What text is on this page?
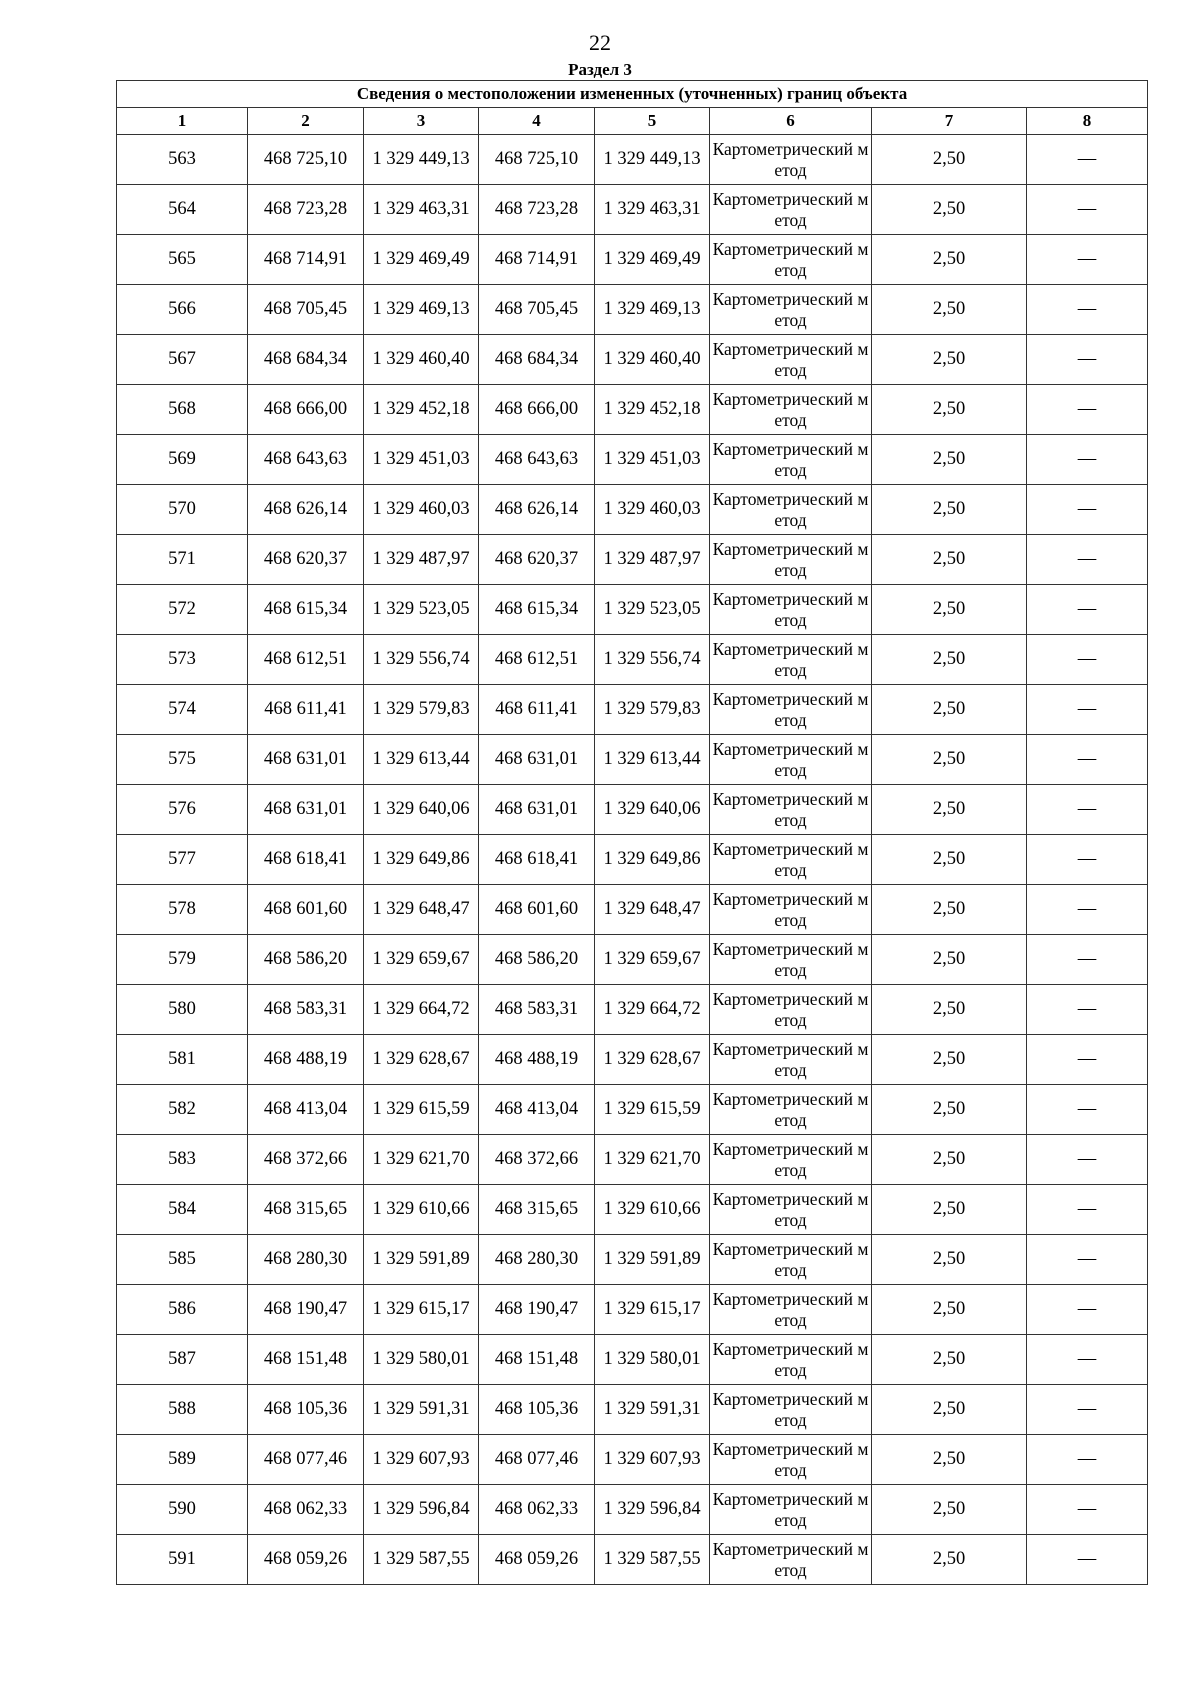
22
Раздел 3
Сведения о местоположении измененных (уточненных) границ объекта							
1	2	3	4	5	6	7	8
563	468 725,10	1 329 449,13	468 725,10	1 329 449,13	Картометрический метод	2,50	—
564	468 723,28	1 329 463,31	468 723,28	1 329 463,31	Картометрический метод	2,50	—
565	468 714,91	1 329 469,49	468 714,91	1 329 469,49	Картометрический метод	2,50	—
566	468 705,45	1 329 469,13	468 705,45	1 329 469,13	Картометрический метод	2,50	—
567	468 684,34	1 329 460,40	468 684,34	1 329 460,40	Картометрический метод	2,50	—
568	468 666,00	1 329 452,18	468 666,00	1 329 452,18	Картометрический метод	2,50	—
569	468 643,63	1 329 451,03	468 643,63	1 329 451,03	Картометрический метод	2,50	—
570	468 626,14	1 329 460,03	468 626,14	1 329 460,03	Картометрический метод	2,50	—
571	468 620,37	1 329 487,97	468 620,37	1 329 487,97	Картометрический метод	2,50	—
572	468 615,34	1 329 523,05	468 615,34	1 329 523,05	Картометрический метод	2,50	—
573	468 612,51	1 329 556,74	468 612,51	1 329 556,74	Картометрический метод	2,50	—
574	468 611,41	1 329 579,83	468 611,41	1 329 579,83	Картометрический метод	2,50	—
575	468 631,01	1 329 613,44	468 631,01	1 329 613,44	Картометрический метод	2,50	—
576	468 631,01	1 329 640,06	468 631,01	1 329 640,06	Картометрический метод	2,50	—
577	468 618,41	1 329 649,86	468 618,41	1 329 649,86	Картометрический метод	2,50	—
578	468 601,60	1 329 648,47	468 601,60	1 329 648,47	Картометрический метод	2,50	—
579	468 586,20	1 329 659,67	468 586,20	1 329 659,67	Картометрический метод	2,50	—
580	468 583,31	1 329 664,72	468 583,31	1 329 664,72	Картометрический метод	2,50	—
581	468 488,19	1 329 628,67	468 488,19	1 329 628,67	Картометрический метод	2,50	—
582	468 413,04	1 329 615,59	468 413,04	1 329 615,59	Картометрический метод	2,50	—
583	468 372,66	1 329 621,70	468 372,66	1 329 621,70	Картометрический метод	2,50	—
584	468 315,65	1 329 610,66	468 315,65	1 329 610,66	Картометрический метод	2,50	—
585	468 280,30	1 329 591,89	468 280,30	1 329 591,89	Картометрический метод	2,50	—
586	468 190,47	1 329 615,17	468 190,47	1 329 615,17	Картометрический метод	2,50	—
587	468 151,48	1 329 580,01	468 151,48	1 329 580,01	Картометрический метод	2,50	—
588	468 105,36	1 329 591,31	468 105,36	1 329 591,31	Картометрический метод	2,50	—
589	468 077,46	1 329 607,93	468 077,46	1 329 607,93	Картометрический метод	2,50	—
590	468 062,33	1 329 596,84	468 062,33	1 329 596,84	Картометрический метод	2,50	—
591	468 059,26	1 329 587,55	468 059,26	1 329 587,55	Картометрический метод	2,50	—
